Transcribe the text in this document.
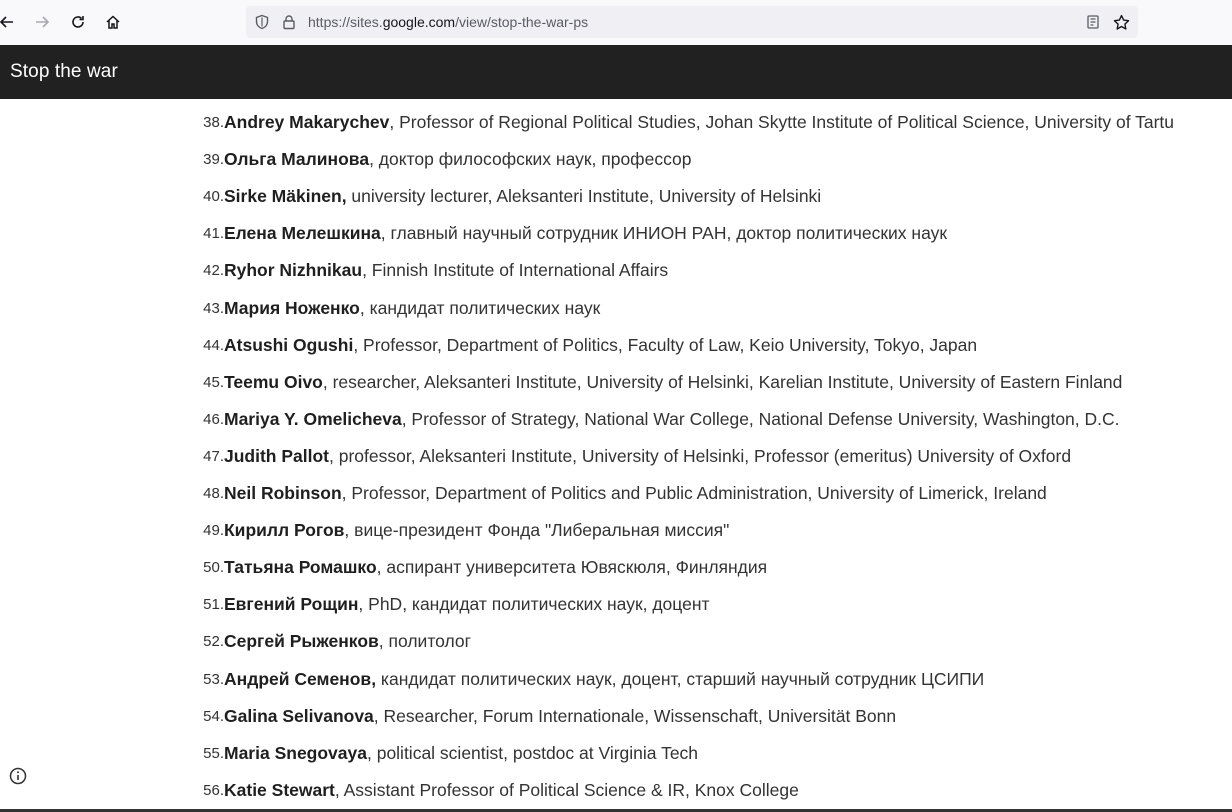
https://sites.google.com/view/stop-the-war-ps
Stop the war
38. Andrey Makarychev, Professor of Regional Political Studies, Johan Skytte Institute of Political Science, University of Tartu
39. Ольга Малинова, доктор философских наук, профессор
40. Sirke Mäkinen, university lecturer, Aleksanteri Institute, University of Helsinki
41. Елена Мелешкина, главный научный сотрудник ИНИОН РАН, доктор политических наук
42. Ryhor Nizhnikau, Finnish Institute of International Affairs
43. Мария Ноженко, кандидат политических наук
44. Atsushi Ogushi, Professor, Department of Politics, Faculty of Law, Keio University, Tokyo, Japan
45. Teemu Oivo, researcher, Aleksanteri Institute, University of Helsinki, Karelian Institute, University of Eastern Finland
46. Mariya Y. Omelicheva, Professor of Strategy, National War College, National Defense University, Washington, D.C.
47. Judith Pallot, professor, Aleksanteri Institute, University of Helsinki, Professor (emeritus) University of Oxford
48. Neil Robinson, Professor, Department of Politics and Public Administration, University of Limerick, Ireland
49. Кирилл Рогов, вице-президент Фонда "Либеральная миссия"
50. Татьяна Ромашко, аспирант университета Ювяскюля, Финляндия
51. Евгений Рощин, PhD, кандидат политических наук, доцент
52. Сергей Рыженков, политолог
53. Андрей Семенов, кандидат политических наук, доцент, старший научный сотрудник ЦСИПИ
54. Galina Selivanova, Researcher, Forum Internationale, Wissenschaft, Universität Bonn
55. Maria Snegovaya, political scientist, postdoc at Virginia Tech
56. Katie Stewart, Assistant Professor of Political Science & IR, Knox College
